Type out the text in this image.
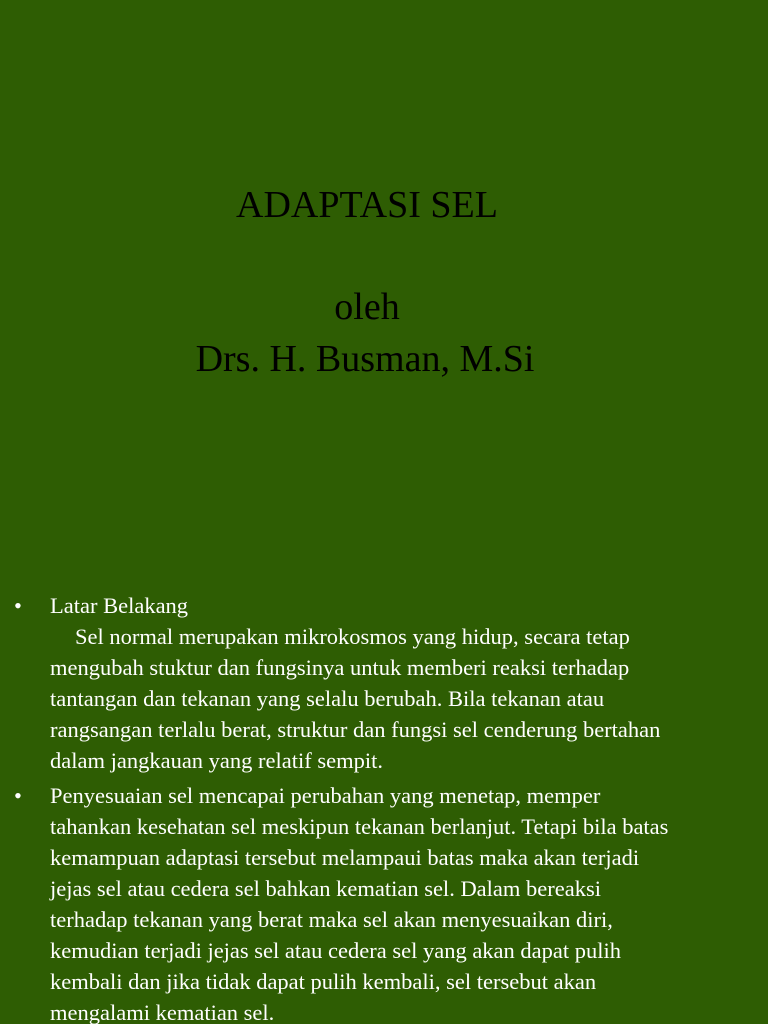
ADAPTASI SEL
oleh
Drs. H. Busman, M.Si
•	Latar Belakang
Sel normal merupakan mikrokosmos yang hidup, secara tetap
mengubah stuktur dan fungsinya untuk memberi reaksi terhadap
tantangan dan tekanan yang selalu berubah. Bila tekanan atau
rangsangan terlalu berat, struktur dan fungsi sel cenderung bertahan
dalam jangkauan yang relatif sempit.
•	Penyesuaian sel mencapai perubahan yang menetap, memper
tahankan kesehatan sel meskipun tekanan berlanjut. Tetapi bila batas
kemampuan adaptasi tersebut melampaui batas maka akan terjadi
jejas sel atau cedera sel bahkan kematian sel. Dalam bereaksi
terhadap tekanan yang berat maka sel akan menyesuaikan diri,
kemudian terjadi jejas sel atau cedera sel yang akan dapat pulih
kembali dan jika tidak dapat pulih kembali, sel tersebut akan
mengalami kematian sel.
